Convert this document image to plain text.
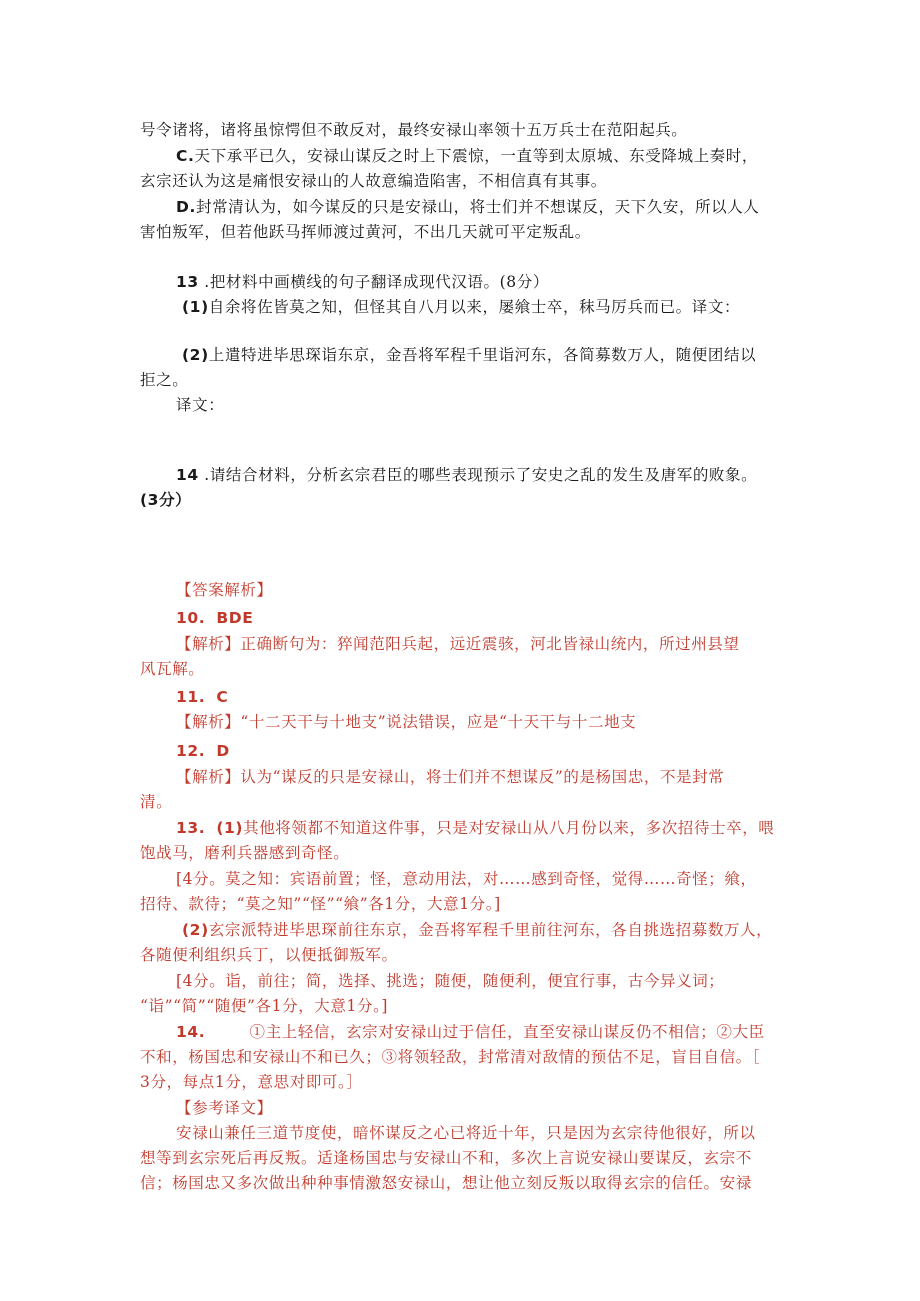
号令诸将，诸将虽惊愕但不敢反对，最终安禄山率领十五万兵士在范阳起兵。
C.天下承平已久，安禄山谋反之时上下震惊，一直等到太原城、东受降城上奏时，
玄宗还认为这是痛恨安禄山的人故意编造陷害，不相信真有其事。
D.封常清认为，如今谋反的只是安禄山，将士们并不想谋反，天下久安，所以人人
害怕叛军，但若他跃马挥师渡过黄河，不出几天就可平定叛乱。
13 .把材料中画横线的句子翻译成现代汉语。(8分）
(1)自余将佐皆莫之知，但怪其自八月以来，屡飨士卒，秣马厉兵而已。译文：
(2)上遣特进毕思琛诣东京，金吾将军程千里诣河东，各简募数万人，随便团结以
拒之。
译文：
14 .请结合材料，分析玄宗君臣的哪些表现预示了安史之乱的发生及唐军的败象。
(3分）
【答案解析】
10. BDE
【解析】正确断句为：猝闻范阳兵起，远近震骇，河北皆禄山统内，所过州县望
风瓦解。
11. C
【解析】“十二天干与十地支”说法错误，应是“十天干与十二地支
12. D
【解析】认为“谋反的只是安禄山，将士们并不想谋反”的是杨国忠，不是封常
清。
13. (1)其他将领都不知道这件事，只是对安禄山从八月份以来，多次招待士卒，喂
饱战马，磨利兵器感到奇怪。
[4分。莫之知：宾语前置；怪，意动用法，对……感到奇怪，觉得……奇怪；飨，
招待、款待；“莫之知”“怪”“飨”各1分，大意1分。]
(2)玄宗派特进毕思琛前往东京，金吾将军程千里前往河东，各自挑选招募数万人，
各随便利组织兵丁，以便抵御叛军。
[4分。诣，前往；简，选择、挑选；随便，随便利，便宜行事，古今异义词；
“诣”“简”“随便”各1分，大意1分。]
14.	①主上轻信，玄宗对安禄山过于信任，直至安禄山谋反仍不相信；②大臣
不和，杨国忠和安禄山不和已久；③将领轻敌，封常清对敌情的预估不足，盲目自信。［
3分，每点1分，意思对即可。］
【参考译文】
安禄山兼任三道节度使，暗怀谋反之心已将近十年，只是因为玄宗待他很好，所以
想等到玄宗死后再反叛。适逢杨国忠与安禄山不和，多次上言说安禄山要谋反，玄宗不
信；杨国忠又多次做出种种事情激怒安禄山，想让他立刻反叛以取得玄宗的信任。安禄
